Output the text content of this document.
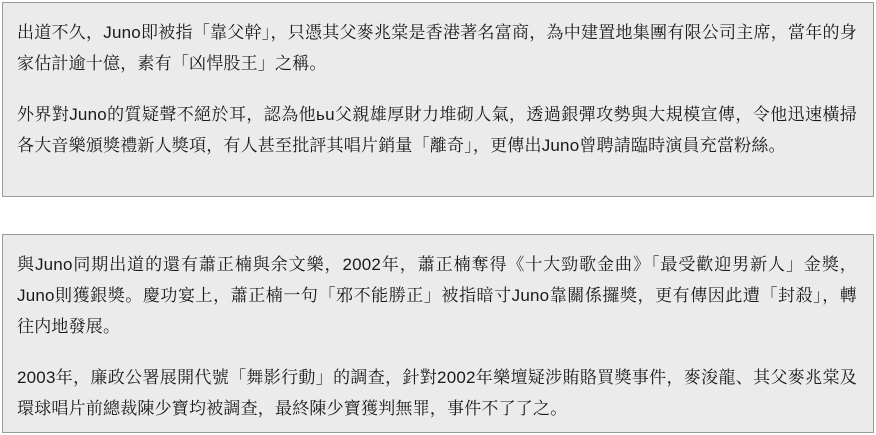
出道不久，Juno即被指「靠父幹」，只憑其父麥兆棠是香港著名富商，為中建置地集團有限公司主席，當年的身家估計逾十億，素有「凶悍股王」之稱。

外界對Juno的質疑聲不絕於耳，認為他ьu父親雄厚財力堆砌人氣，透過銀彈攻勢與大規模宣傳，令他迅速橫掃各大音樂頒獎禮新人獎項，有人甚至批評其唱片銷量「離奇」，更傳出Juno曾聘請臨時演員充當粉絲。

與Juno同期出道的還有蕭正楠與余文樂，2002年，蕭正楠奪得《十大勁歌金曲》「最受歡迎男新人」金獎，Juno則獲銀獎。慶功宴上，蕭正楠一句「邪不能勝正」被指暗寸Juno靠關係攞獎，更有傳因此遭「封殺」，轉往内地發展。

2003年，廉政公署展開代號「舞影行動」的調查，針對2002年樂壇疑涉賄賂買獎事件，麥浚龍、其父麥兆棠及環球唱片前總裁陳少寶均被調查，最終陳少寶獲判無罪，事件不了了之。
